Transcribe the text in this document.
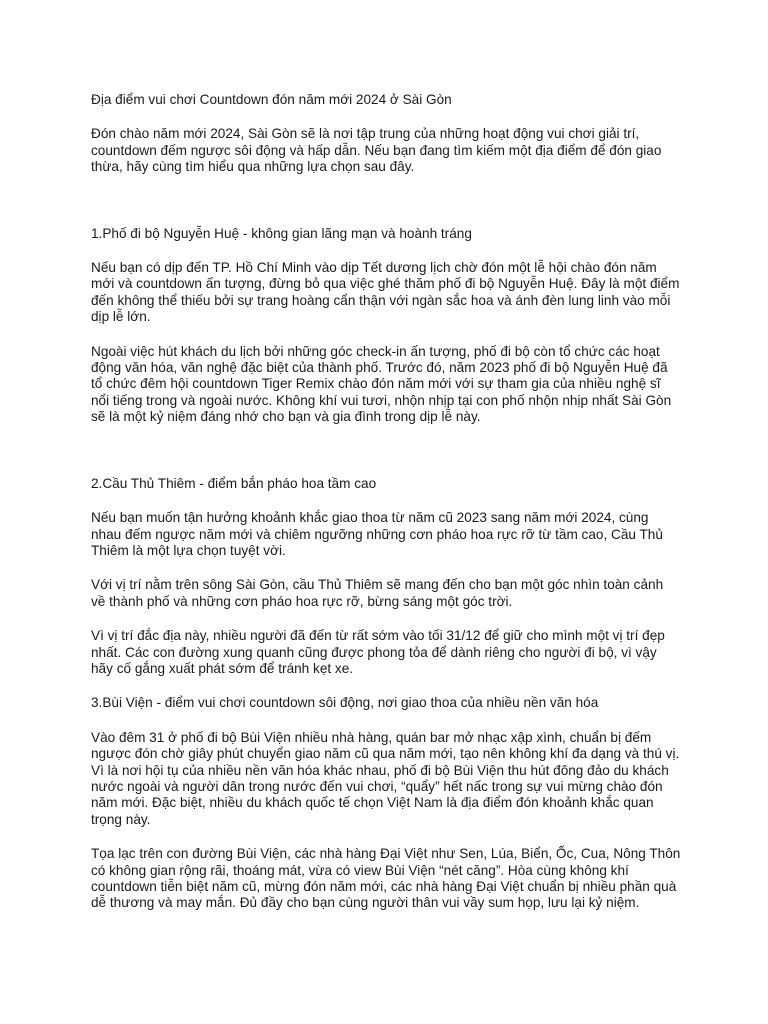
Địa điểm vui chơi Countdown đón năm mới 2024 ở Sài Gòn

Đón chào năm mới 2024, Sài Gòn sẽ là nơi tập trung của những hoạt động vui chơi giải trí, countdown đếm ngược sôi động và hấp dẫn. Nếu bạn đang tìm kiếm một địa điểm để đón giao thừa, hãy cùng tìm hiểu qua những lựa chọn sau đây.

1.Phố đi bộ Nguyễn Huệ - không gian lãng mạn và hoành tráng

Nếu bạn có dịp đến TP. Hồ Chí Minh vào dịp Tết dương lịch chờ đón một lễ hội chào đón năm mới và countdown ấn tượng, đừng bỏ qua việc ghé thăm phố đi bộ Nguyễn Huệ. Đây là một điểm đến không thể thiếu bởi sự trang hoàng cẩn thận với ngàn sắc hoa và ánh đèn lung linh vào mỗi dịp lễ lớn.

Ngoài việc hút khách du lịch bởi những góc check-in ấn tượng, phố đi bộ còn tổ chức các hoạt động văn hóa, văn nghệ đặc biệt của thành phố. Trước đó, năm 2023 phố đi bộ Nguyễn Huệ đã tổ chức đêm hội countdown Tiger Remix chào đón năm mới với sự tham gia của nhiều nghệ sĩ nổi tiếng trong và ngoài nước. Không khí vui tươi, nhộn nhịp tại con phố nhộn nhịp nhất Sài Gòn sẽ là một kỷ niệm đáng nhớ cho bạn và gia đình trong dịp lễ này.

2.Cầu Thủ Thiêm - điểm bắn pháo hoa tầm cao

Nếu bạn muốn tận hưởng khoảnh khắc giao thoa từ năm cũ 2023 sang năm mới 2024, cùng nhau đếm ngược năm mới và chiêm ngưỡng những cơn pháo hoa rực rỡ từ tầm cao, Cầu Thủ Thiêm là một lựa chọn tuyệt vời.

Với vị trí nằm trên sông Sài Gòn, cầu Thủ Thiêm sẽ mang đến cho bạn một góc nhìn toàn cảnh về thành phố và những cơn pháo hoa rực rỡ, bừng sáng một góc trời.

Vì vị trí đắc địa này, nhiều người đã đến từ rất sớm vào tối 31/12 để giữ cho mình một vị trí đẹp nhất. Các con đường xung quanh cũng được phong tỏa để dành riêng cho người đi bộ, vì vậy hãy cố gắng xuất phát sớm để tránh kẹt xe.

3.Bùi Viện - điểm vui chơi countdown sôi động, nơi giao thoa của nhiều nền văn hóa

Vào đêm 31 ở phố đi bộ Bùi Viện nhiều nhà hàng, quán bar mở nhạc xập xình, chuẩn bị đếm ngược đón chờ giây phút chuyển giao năm cũ qua năm mới, tạo nên không khí đa dạng và thú vị. Vì là nơi hội tụ của nhiều nền văn hóa khác nhau, phố đi bộ Bùi Viện thu hút đông đảo du khách nước ngoài và người dân trong nước đến vui chơi, “quẩy” hết nấc trong sự vui mừng chào đón năm mới. Đặc biệt, nhiều du khách quốc tế chọn Việt Nam là địa điểm đón khoảnh khắc quan trọng này.

Tọa lạc trên con đường Bùi Viện, các nhà hàng Đại Việt như Sen, Lúa, Biển, Ốc, Cua, Nông Thôn có không gian rộng rãi, thoáng mát, vừa có view Bùi Viện “nét căng”. Hòa cùng không khí countdown tiễn biệt năm cũ, mừng đón năm mới, các nhà hàng Đại Việt chuẩn bị nhiều phần quà dễ thương và may mắn. Đủ đầy cho bạn cùng người thân vui vầy sum họp, lưu lại kỷ niệm.
